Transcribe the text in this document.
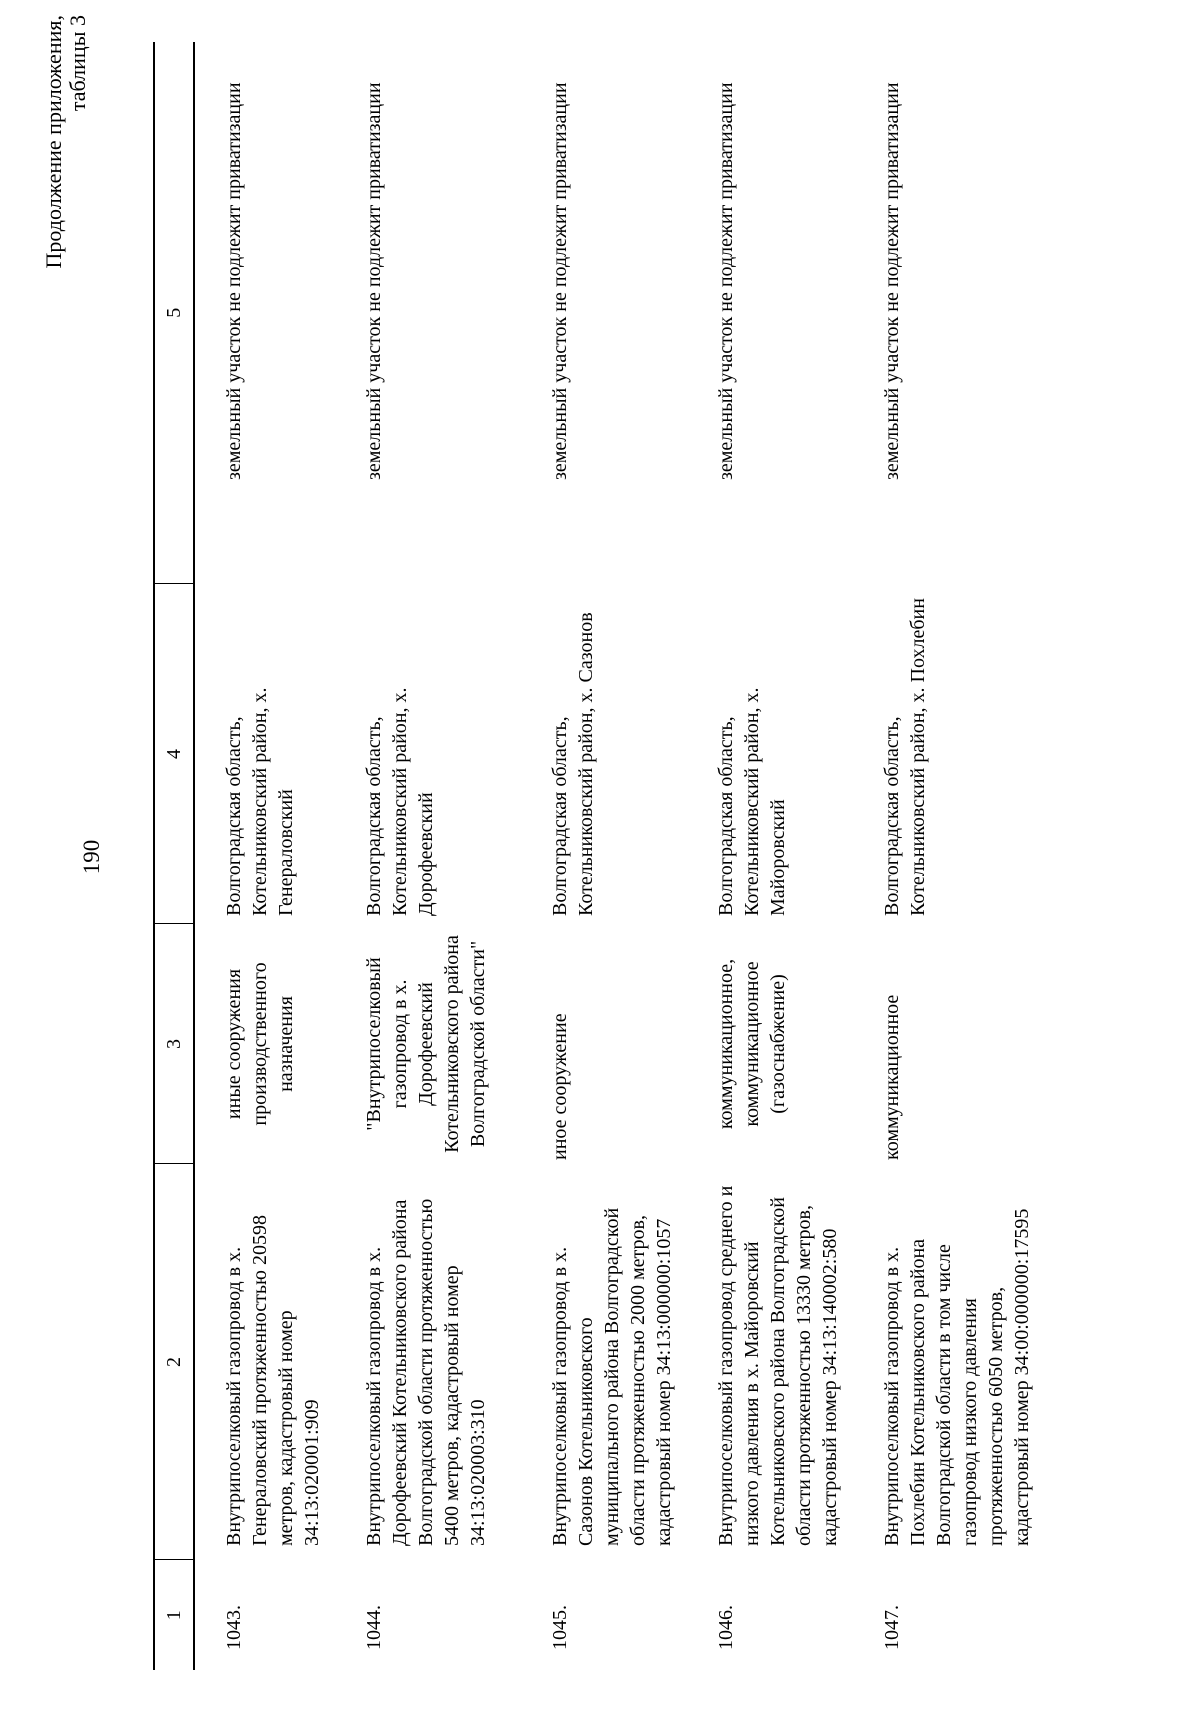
190
Продолжение приложения, таблицы 3
1	2	3	4	5
1043.	Внутрипоселковый газопровод в х. Генераловский протяженностью 20598 метров, кадастровый номер 34:13:020001:909	иные сооружения производственного назначения	Волгоградская область, Котельниковский район, х. Генераловский	земельный участок не подлежит приватизации
1044.	Внутрипоселковый газопровод в х. Дорофеевский Котельниковского района Волгоградской области протяженностью 5400 метров, кадастровый номер 34:13:020003:310	"Внутрипоселковый газопровод в х. Дорофеевский Котельниковского района Волгоградской области"	Волгоградская область, Котельниковский район, х. Дорофеевский	земельный участок не подлежит приватизации
1045.	Внутрипоселковый газопровод в х. Сазонов Котельниковского муниципального района Волгоградской области протяженностью 2000 метров, кадастровый номер 34:13:000000:1057	иное сооружение	Волгоградская область, Котельниковский район, х. Сазонов	земельный участок не подлежит приватизации
1046.	Внутрипоселковый газопровод среднего и низкого давления в х. Майоровский Котельниковского района Волгоградской области протяженностью 13330 метров, кадастровый номер 34:13:140002:580	коммуникационное, коммуникационное (газоснабжение)	Волгоградская область, Котельниковский район, х. Майоровский	земельный участок не подлежит приватизации
1047.	Внутрипоселковый газопровод в х. Похлебин Котельниковского района Волгоградской области в том числе газопровод низкого давления протяженностью 6050 метров, кадастровый номер 34:00:000000:17595	коммуникационное	Волгоградская область, Котельниковский район, х. Похлебин	земельный участок не подлежит приватизации
